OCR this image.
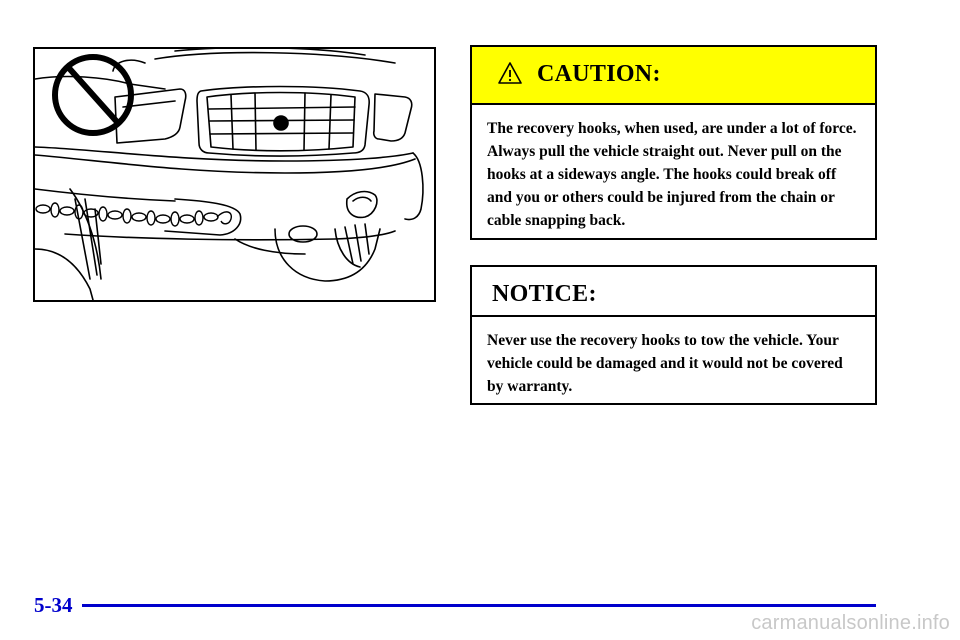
CAUTION:
The recovery hooks, when used, are under a lot of force. Always pull the vehicle straight out. Never pull on the hooks at a sideways angle. The hooks could break off and you or others could be injured from the chain or cable snapping back.
NOTICE:
Never use the recovery hooks to tow the vehicle. Your vehicle could be damaged and it would not be covered by warranty.
5-34
carmanualsonline.info
